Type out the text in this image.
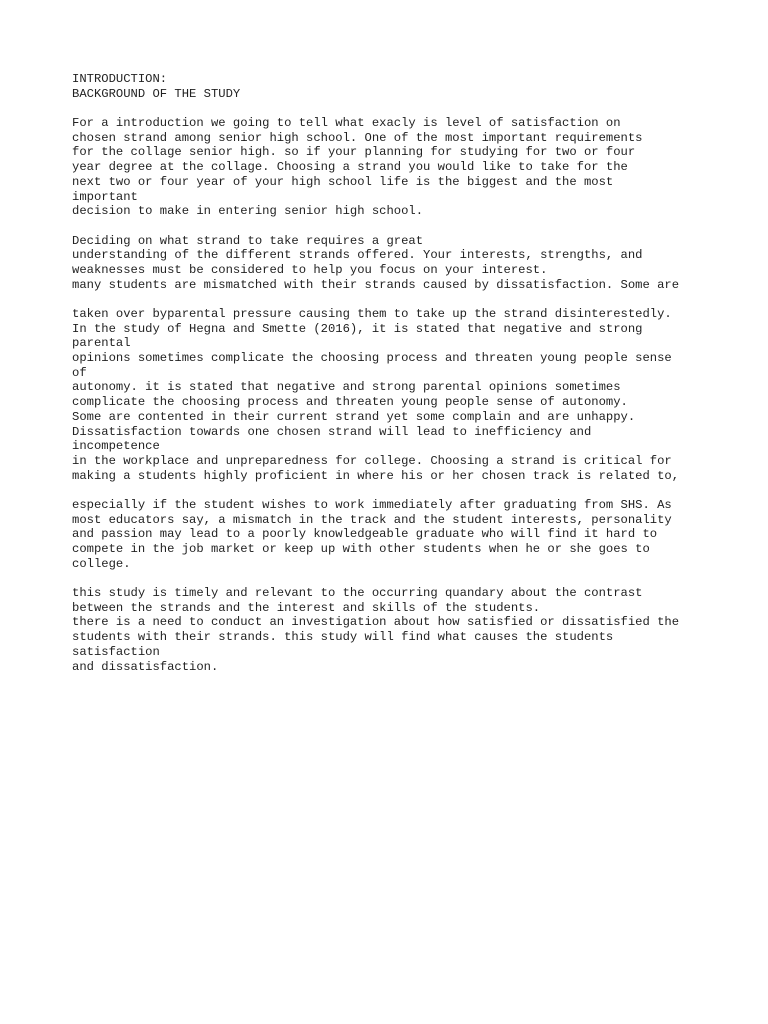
INTRODUCTION:
BACKGROUND OF THE STUDY
For a introduction we going to tell what exacly is level of satisfaction on
chosen strand among senior high school. One of the most important requirements
for the collage senior high. so if your planning for studying for two or four
year degree at the collage. Choosing a strand you would like to take for the
next two or four year of your high school life is the biggest and the most
important
decision to make in entering senior high school.
Deciding on what strand to take requires a great
understanding of the different strands offered. Your interests, strengths, and
weaknesses must be considered to help you focus on your interest.
many students are mismatched with their strands caused by dissatisfaction. Some are
taken over byparental pressure causing them to take up the strand disinterestedly.
In the study of Hegna and Smette (2016), it is stated that negative and strong
parental
opinions sometimes complicate the choosing process and threaten young people sense
of
autonomy. it is stated that negative and strong parental opinions sometimes
complicate the choosing process and threaten young people sense of autonomy.
Some are contented in their current strand yet some complain and are unhappy.
Dissatisfaction towards one chosen strand will lead to inefficiency and
incompetence
in the workplace and unpreparedness for college. Choosing a strand is critical for
making a students highly proficient in where his or her chosen track is related to,
especially if the student wishes to work immediately after graduating from SHS. As
most educators say, a mismatch in the track and the student interests, personality
and passion may lead to a poorly knowledgeable graduate who will find it hard to
compete in the job market or keep up with other students when he or she goes to
college.
this study is timely and relevant to the occurring quandary about the contrast
between the strands and the interest and skills of the students.
there is a need to conduct an investigation about how satisfied or dissatisfied the
students with their strands. this study will find what causes the students
satisfaction
and dissatisfaction.
